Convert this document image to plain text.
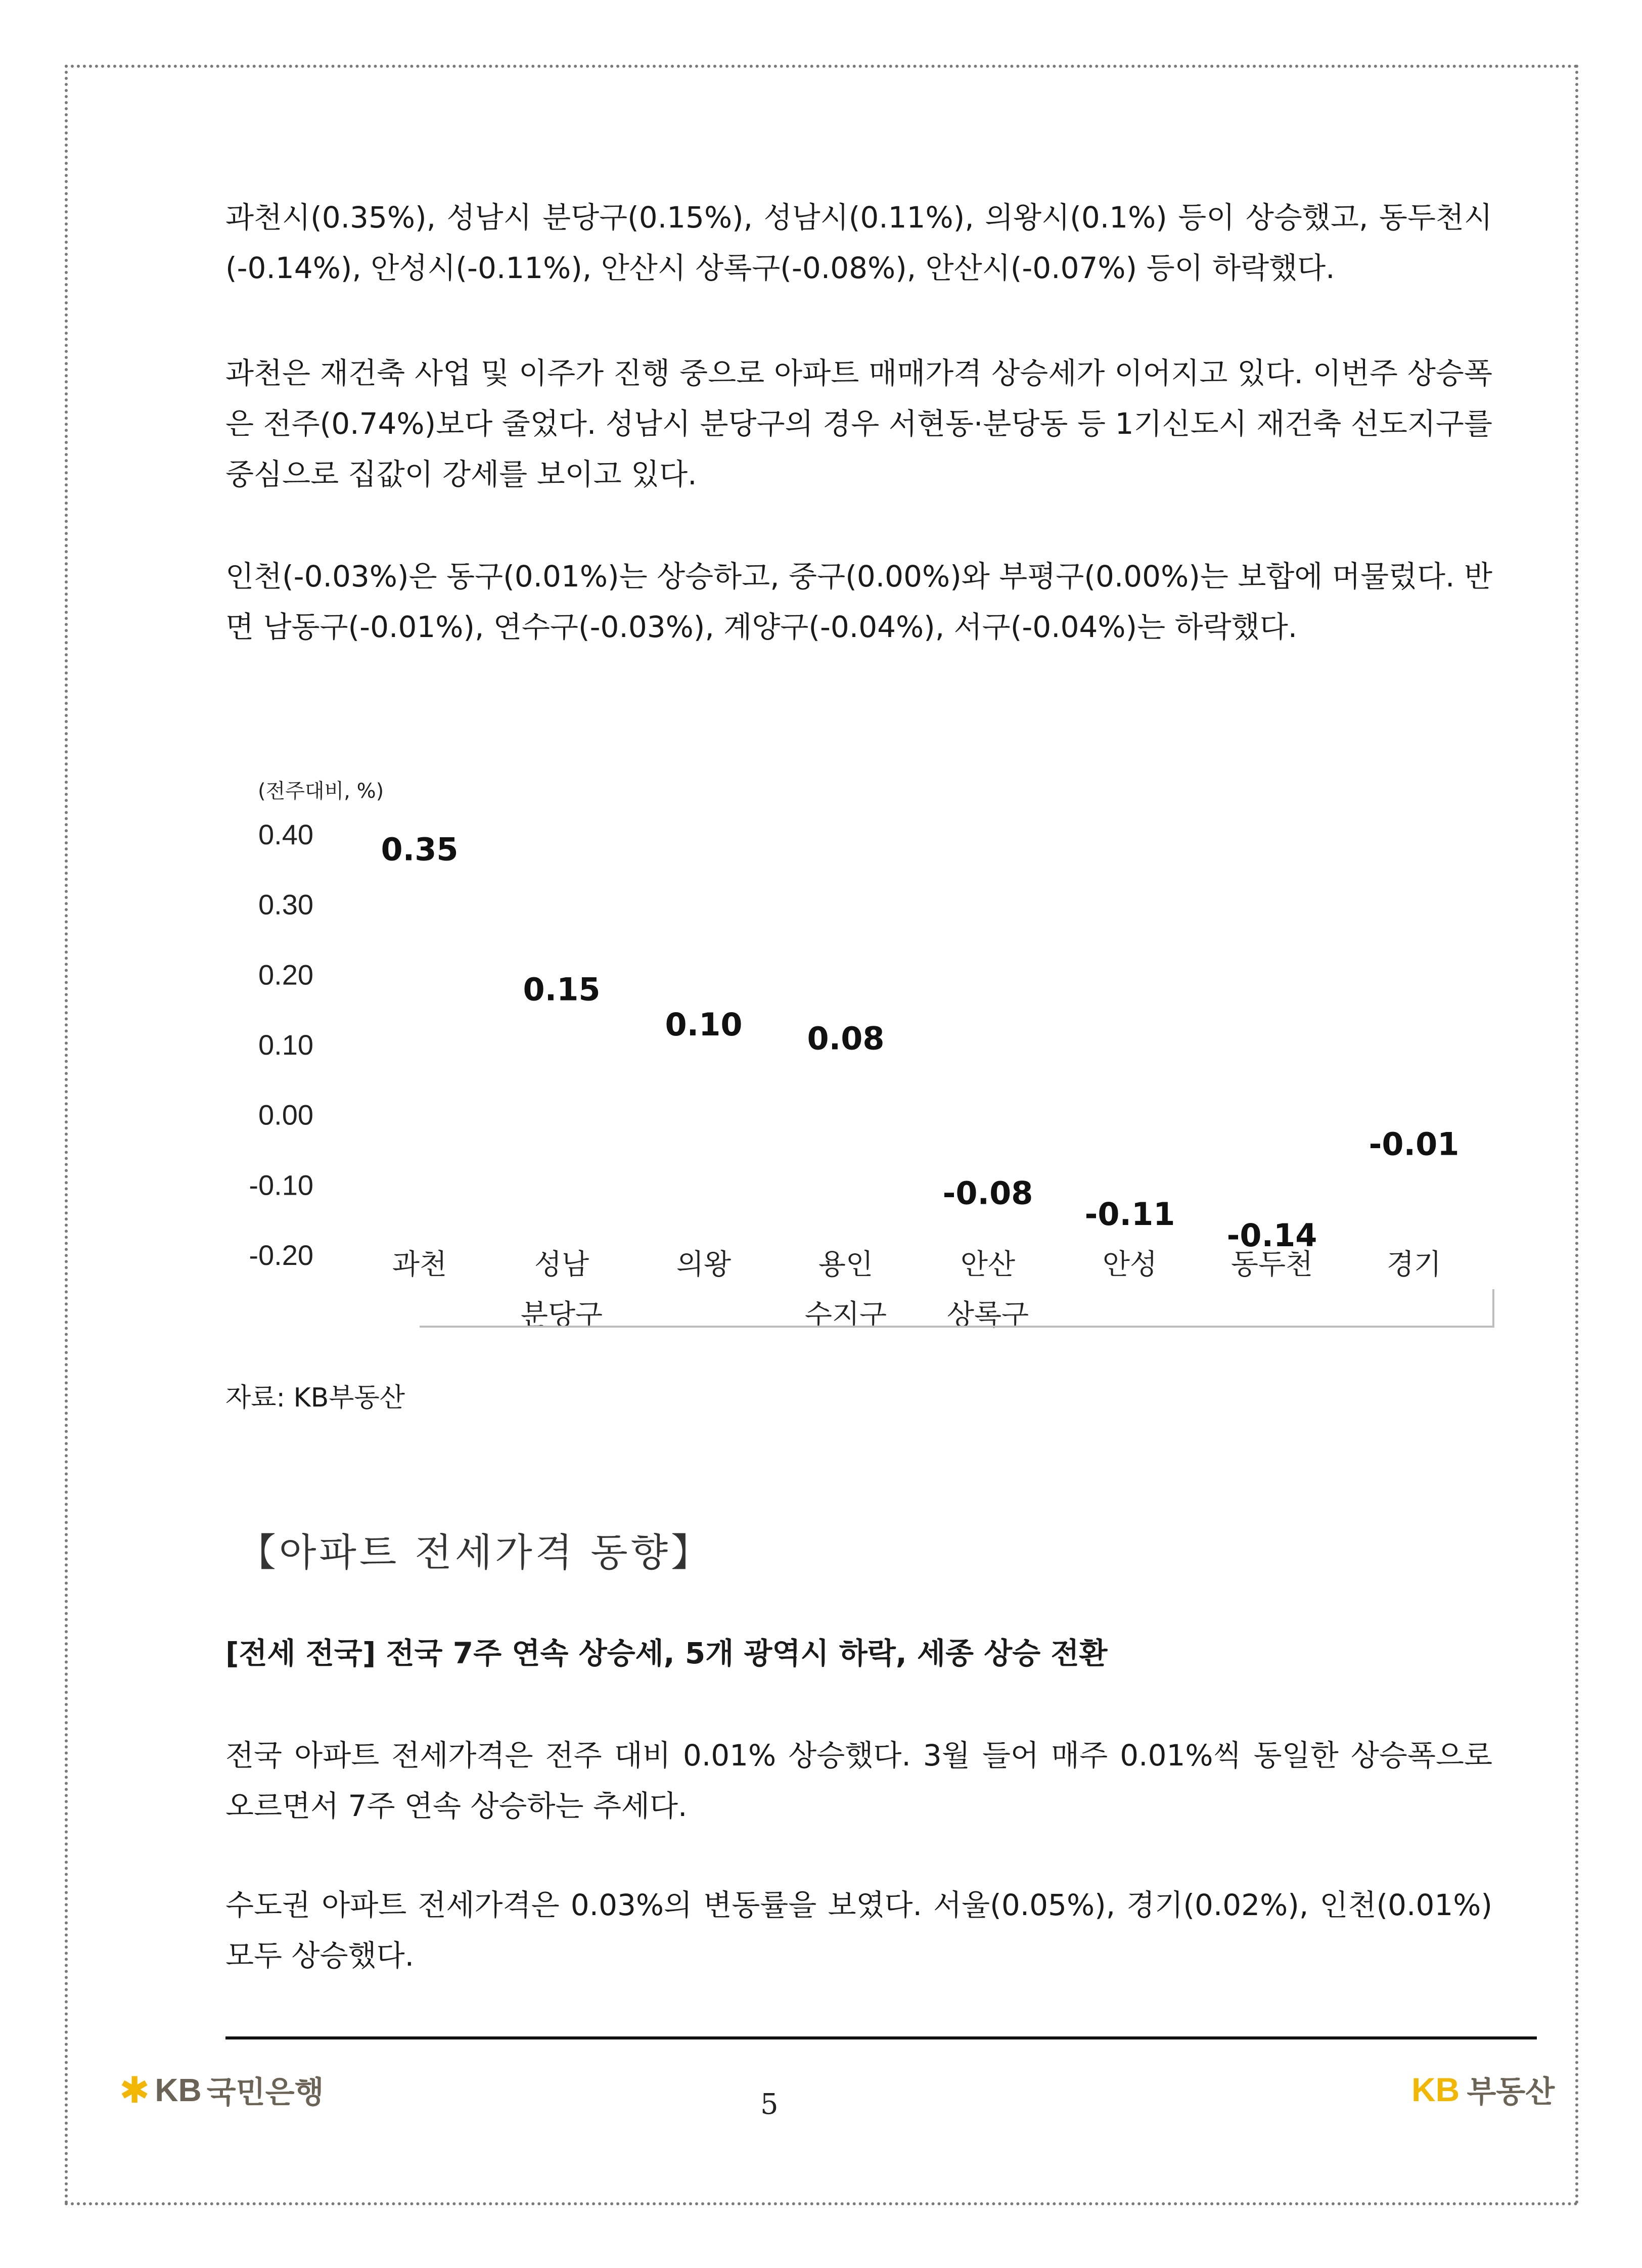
과천시(0.35%), 성남시 분당구(0.15%), 성남시(0.11%), 의왕시(0.1%) 등이 상승했고, 동두천시(-0.14%), 안성시(-0.11%), 안산시 상록구(-0.08%), 안산시(-0.07%) 등이 하락했다.

과천은 재건축 사업 및 이주가 진행 중으로 아파트 매매가격 상승세가 이어지고 있다. 이번주 상승폭은 전주(0.74%)보다 줄었다. 성남시 분당구의 경우 서현동·분당동 등 1기신도시 재건축 선도지구를 중심으로 집값이 강세를 보이고 있다.

인천(-0.03%)은 동구(0.01%)는 상승하고, 중구(0.00%)와 부평구(0.00%)는 보합에 머물렀다. 반면 남동구(-0.01%), 연수구(-0.03%), 계양구(-0.04%), 서구(-0.04%)는 하락했다.

(전주대비, %)
0.40
0.30
0.20
0.10
0.00
-0.10
-0.20
0.35
0.15
0.10 0.08
-0.08
-0.11
-0.14
-0.01
과천	성남
분당구
의왕	용인
수지구
안산
상록구
안성	동두천	경기
자료: KB부동산
【아파트 전세가격 동향】
[전세 전국] 전국 7주 연속 상승세, 5개 광역시 하락, 세종 상승 전환

전국 아파트 전세가격은 전주 대비 0.01% 상승했다. 3월 들어 매주 0.01%씩 동일한 상승폭으로 오르면서 7주 연속 상승하는 추세다.

수도권 아파트 전세가격은 0.03%의 변동률을 보였다. 서울(0.05%), 경기(0.02%), 인천(0.01%) 모두 상승했다.

✱ KB 국민은행	5	KB 부동산
